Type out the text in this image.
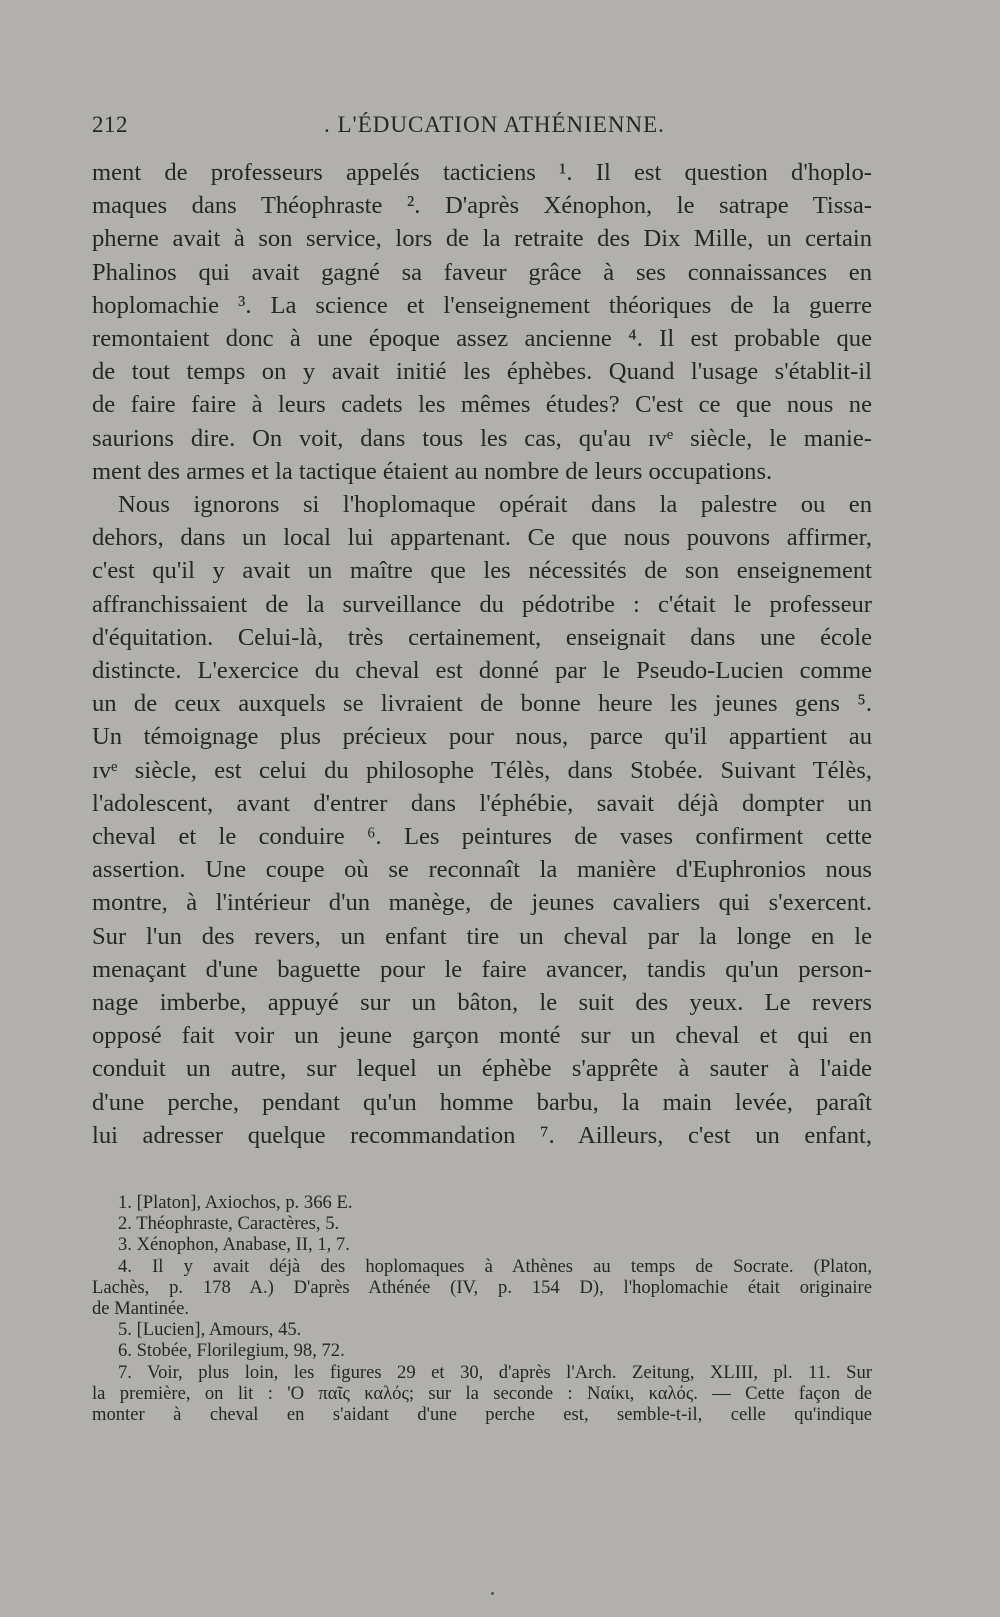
212	. L'ÉDUCATION ATHÉNIENNE.
ment de professeurs appelés tacticiens ¹. Il est question d'hoplo-
maques dans Théophraste ². D'après Xénophon, le satrape Tissa-
pherne avait à son service, lors de la retraite des Dix Mille, un certain
Phalinos qui avait gagné sa faveur grâce à ses connaissances en
hoplomachie ³. La science et l'enseignement théoriques de la guerre
remontaient donc à une époque assez ancienne ⁴. Il est probable que
de tout temps on y avait initié les éphèbes. Quand l'usage s'établit-il
de faire faire à leurs cadets les mêmes études? C'est ce que nous ne
saurions dire. On voit, dans tous les cas, qu'au ɪᴠᵉ siècle, le manie-
ment des armes et la tactique étaient au nombre de leurs occupations.
Nous ignorons si l'hoplomaque opérait dans la palestre ou en
dehors, dans un local lui appartenant. Ce que nous pouvons affirmer,
c'est qu'il y avait un maître que les nécessités de son enseignement
affranchissaient de la surveillance du pédotribe : c'était le professeur
d'équitation. Celui-là, très certainement, enseignait dans une école
distincte. L'exercice du cheval est donné par le Pseudo-Lucien comme
un de ceux auxquels se livraient de bonne heure les jeunes gens ⁵.
Un témoignage plus précieux pour nous, parce qu'il appartient au
ɪᴠᵉ siècle, est celui du philosophe Télès, dans Stobée. Suivant Télès,
l'adolescent, avant d'entrer dans l'éphébie, savait déjà dompter un
cheval et le conduire ⁶. Les peintures de vases confirment cette
assertion. Une coupe où se reconnaît la manière d'Euphronios nous
montre, à l'intérieur d'un manège, de jeunes cavaliers qui s'exercent.
Sur l'un des revers, un enfant tire un cheval par la longe en le
menaçant d'une baguette pour le faire avancer, tandis qu'un person-
nage imberbe, appuyé sur un bâton, le suit des yeux. Le revers
opposé fait voir un jeune garçon monté sur un cheval et qui en
conduit un autre, sur lequel un éphèbe s'apprête à sauter à l'aide
d'une perche, pendant qu'un homme barbu, la main levée, paraît
lui adresser quelque recommandation ⁷. Ailleurs, c'est un enfant,
1. [Platon], Axiochos, p. 366 E.
2. Théophraste, Caractères, 5.
3. Xénophon, Anabase, II, 1, 7.
4. Il y avait déjà des hoplomaques à Athènes au temps de Socrate. (Platon,
Lachès, p. 178 A.) D'après Athénée (IV, p. 154 D), l'hoplomachie était originaire
de Mantinée.
5. [Lucien], Amours, 45.
6. Stobée, Florilegium, 98, 72.
7. Voir, plus loin, les figures 29 et 30, d'après l'Arch. Zeitung, XLIII, pl. 11. Sur
la première, on lit : 'Ο παῖς καλός; sur la seconde : Ναίκι, καλός. — Cette façon de
monter à cheval en s'aidant d'une perche est, semble-t-il, celle qu'indique
